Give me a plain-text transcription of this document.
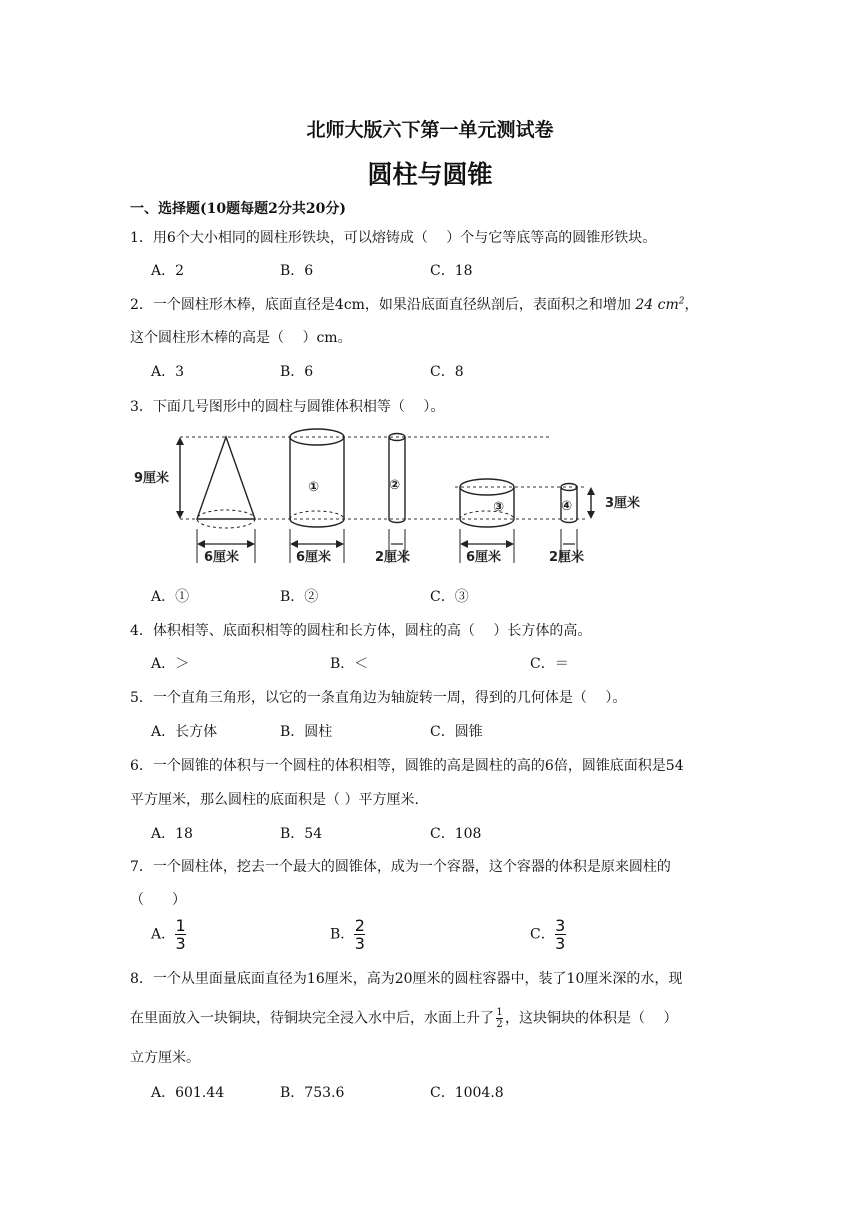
北师大版六下第一单元测试卷
圆柱与圆锥
一、选择题(10题每题2分共20分)
1．用6个大小相同的圆柱形铁块，可以熔铸成（　 ）个与它等底等高的圆锥形铁块。
A．2	B．6	C．18
2．一个圆柱形木棒，底面直径是4cm，如果沿底面直径纵剖后，表面积之和增加 24 $cm^2$，
这个圆柱形木棒的高是（　 ）cm。
A．3	B．6	C．8
3．下面几号图形中的圆柱与圆锥体积相等（　 ）。
9厘米
6厘米
①
6厘米
②
2厘米
③
6厘米
④
2厘米
3厘米
A．①	B．②	C．③
4．体积相等、底面积相等的圆柱和长方体，圆柱的高（　 ）长方体的高。
A．＞	B．＜	C．＝
5．一个直角三角形，以它的一条直角边为轴旋转一周，得到的几何体是（　 ）。
A．长方体	B．圆柱	C．圆锥
6．一个圆锥的体积与一个圆柱的体积相等，圆锥的高是圆柱的高的6倍，圆锥底面积是54
平方厘米，那么圆柱的底面积是（ ）平方厘米.
A．18	B．54	C．108
7．一个圆柱体，挖去一个最大的圆锥体，成为一个容器，这个容器的体积是原来圆柱的
（　　）
A． $\frac{1}{3}$	B． $\frac{2}{3}$	C． $\frac{3}{3}$
8．一个从里面量底面直径为16厘米，高为20厘米的圆柱容器中，装了10厘米深的水，现
在里面放入一块铜块，待铜块完全浸入水中后，水面上升了 $\frac{1}{2}$ ，这块铜块的体积是（　 ）
立方厘米。
A．601.44	B．753.6	C．1004.8
